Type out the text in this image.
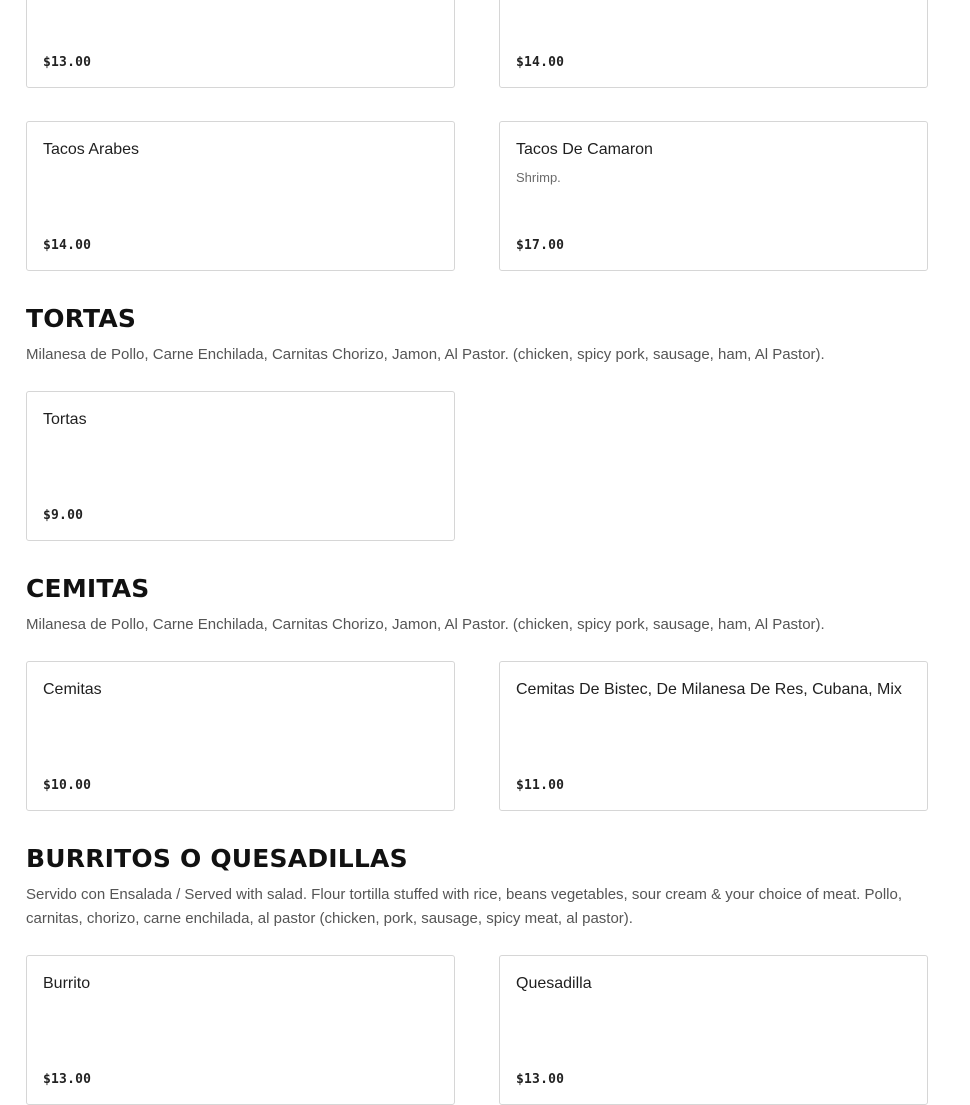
$13.00	$14.00
Tacos Arabes
$14.00
Tacos De Camaron
Shrimp.
$17.00
TORTAS

Milanesa de Pollo, Carne Enchilada, Carnitas Chorizo, Jamon, Al Pastor. (chicken, spicy pork, sausage, ham, Al Pastor).

Tortas
$9.00
CEMITAS

Milanesa de Pollo, Carne Enchilada, Carnitas Chorizo, Jamon, Al Pastor. (chicken, spicy pork, sausage, ham, Al Pastor).

Cemitas
$10.00
Cemitas De Bistec, De Milanesa De Res, Cubana, Mix
$11.00
BURRITOS O QUESADILLAS

Servido con Ensalada / Served with salad. Flour tortilla stuffed with rice, beans vegetables, sour cream & your choice of meat. Pollo, carnitas, chorizo, carne enchilada, al pastor (chicken, pork, sausage, spicy meat, al pastor).

Burrito
$13.00
Quesadilla
$13.00
